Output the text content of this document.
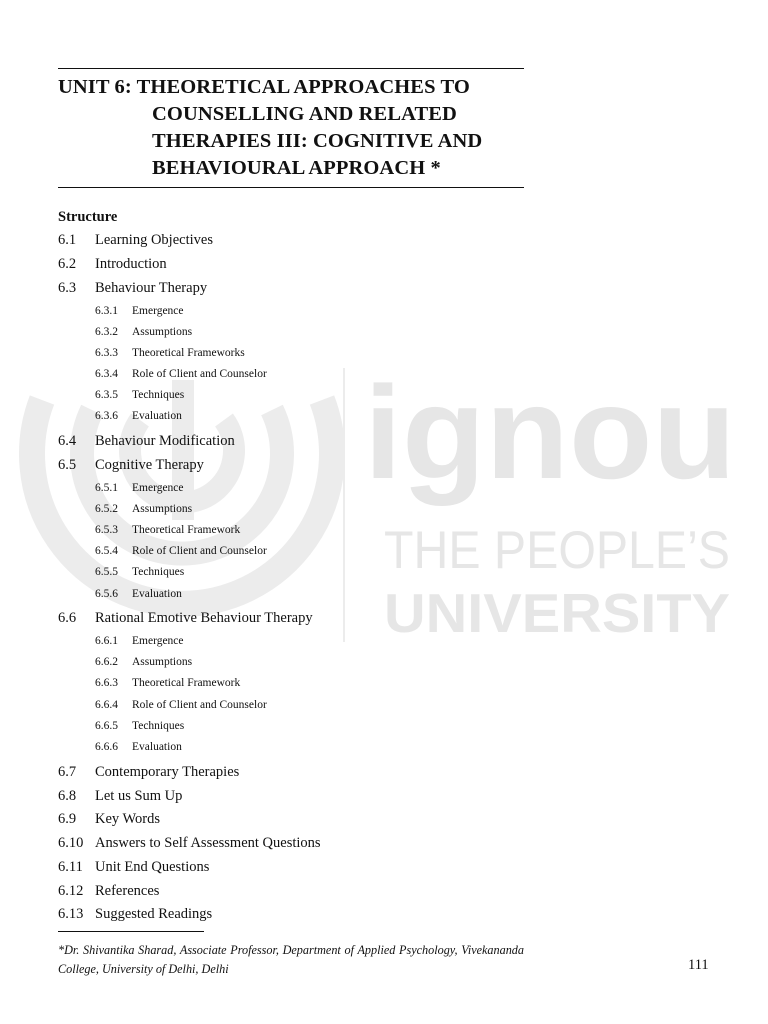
ignou
THE PEOPLE’S
UNIVERSITY
UNIT 6: THEORETICAL APPROACHES TO
COUNSELLING AND RELATED
THERAPIES III: COGNITIVE AND
BEHAVIOURAL APPROACH *
Structure
6.1 Learning Objectives
6.2 Introduction
6.3 Behaviour Therapy
6.3.1 Emergence
6.3.2 Assumptions
6.3.3 Theoretical Frameworks
6.3.4 Role of Client and Counselor
6.3.5 Techniques
6.3.6 Evaluation
6.4 Behaviour Modification
6.5 Cognitive Therapy
6.5.1 Emergence
6.5.2 Assumptions
6.5.3 Theoretical Framework
6.5.4 Role of Client and Counselor
6.5.5 Techniques
6.5.6 Evaluation
6.6 Rational Emotive Behaviour Therapy
6.6.1 Emergence
6.6.2 Assumptions
6.6.3 Theoretical Framework
6.6.4 Role of Client and Counselor
6.6.5 Techniques
6.6.6 Evaluation
6.7 Contemporary Therapies
6.8 Let us Sum Up
6.9 Key Words
6.10 Answers to Self Assessment Questions
6.11 Unit End Questions
6.12 References
6.13 Suggested Readings
*Dr. Shivantika Sharad, Associate Professor, Department of Applied Psychology, Vivekananda College, University of Delhi, Delhi	111
